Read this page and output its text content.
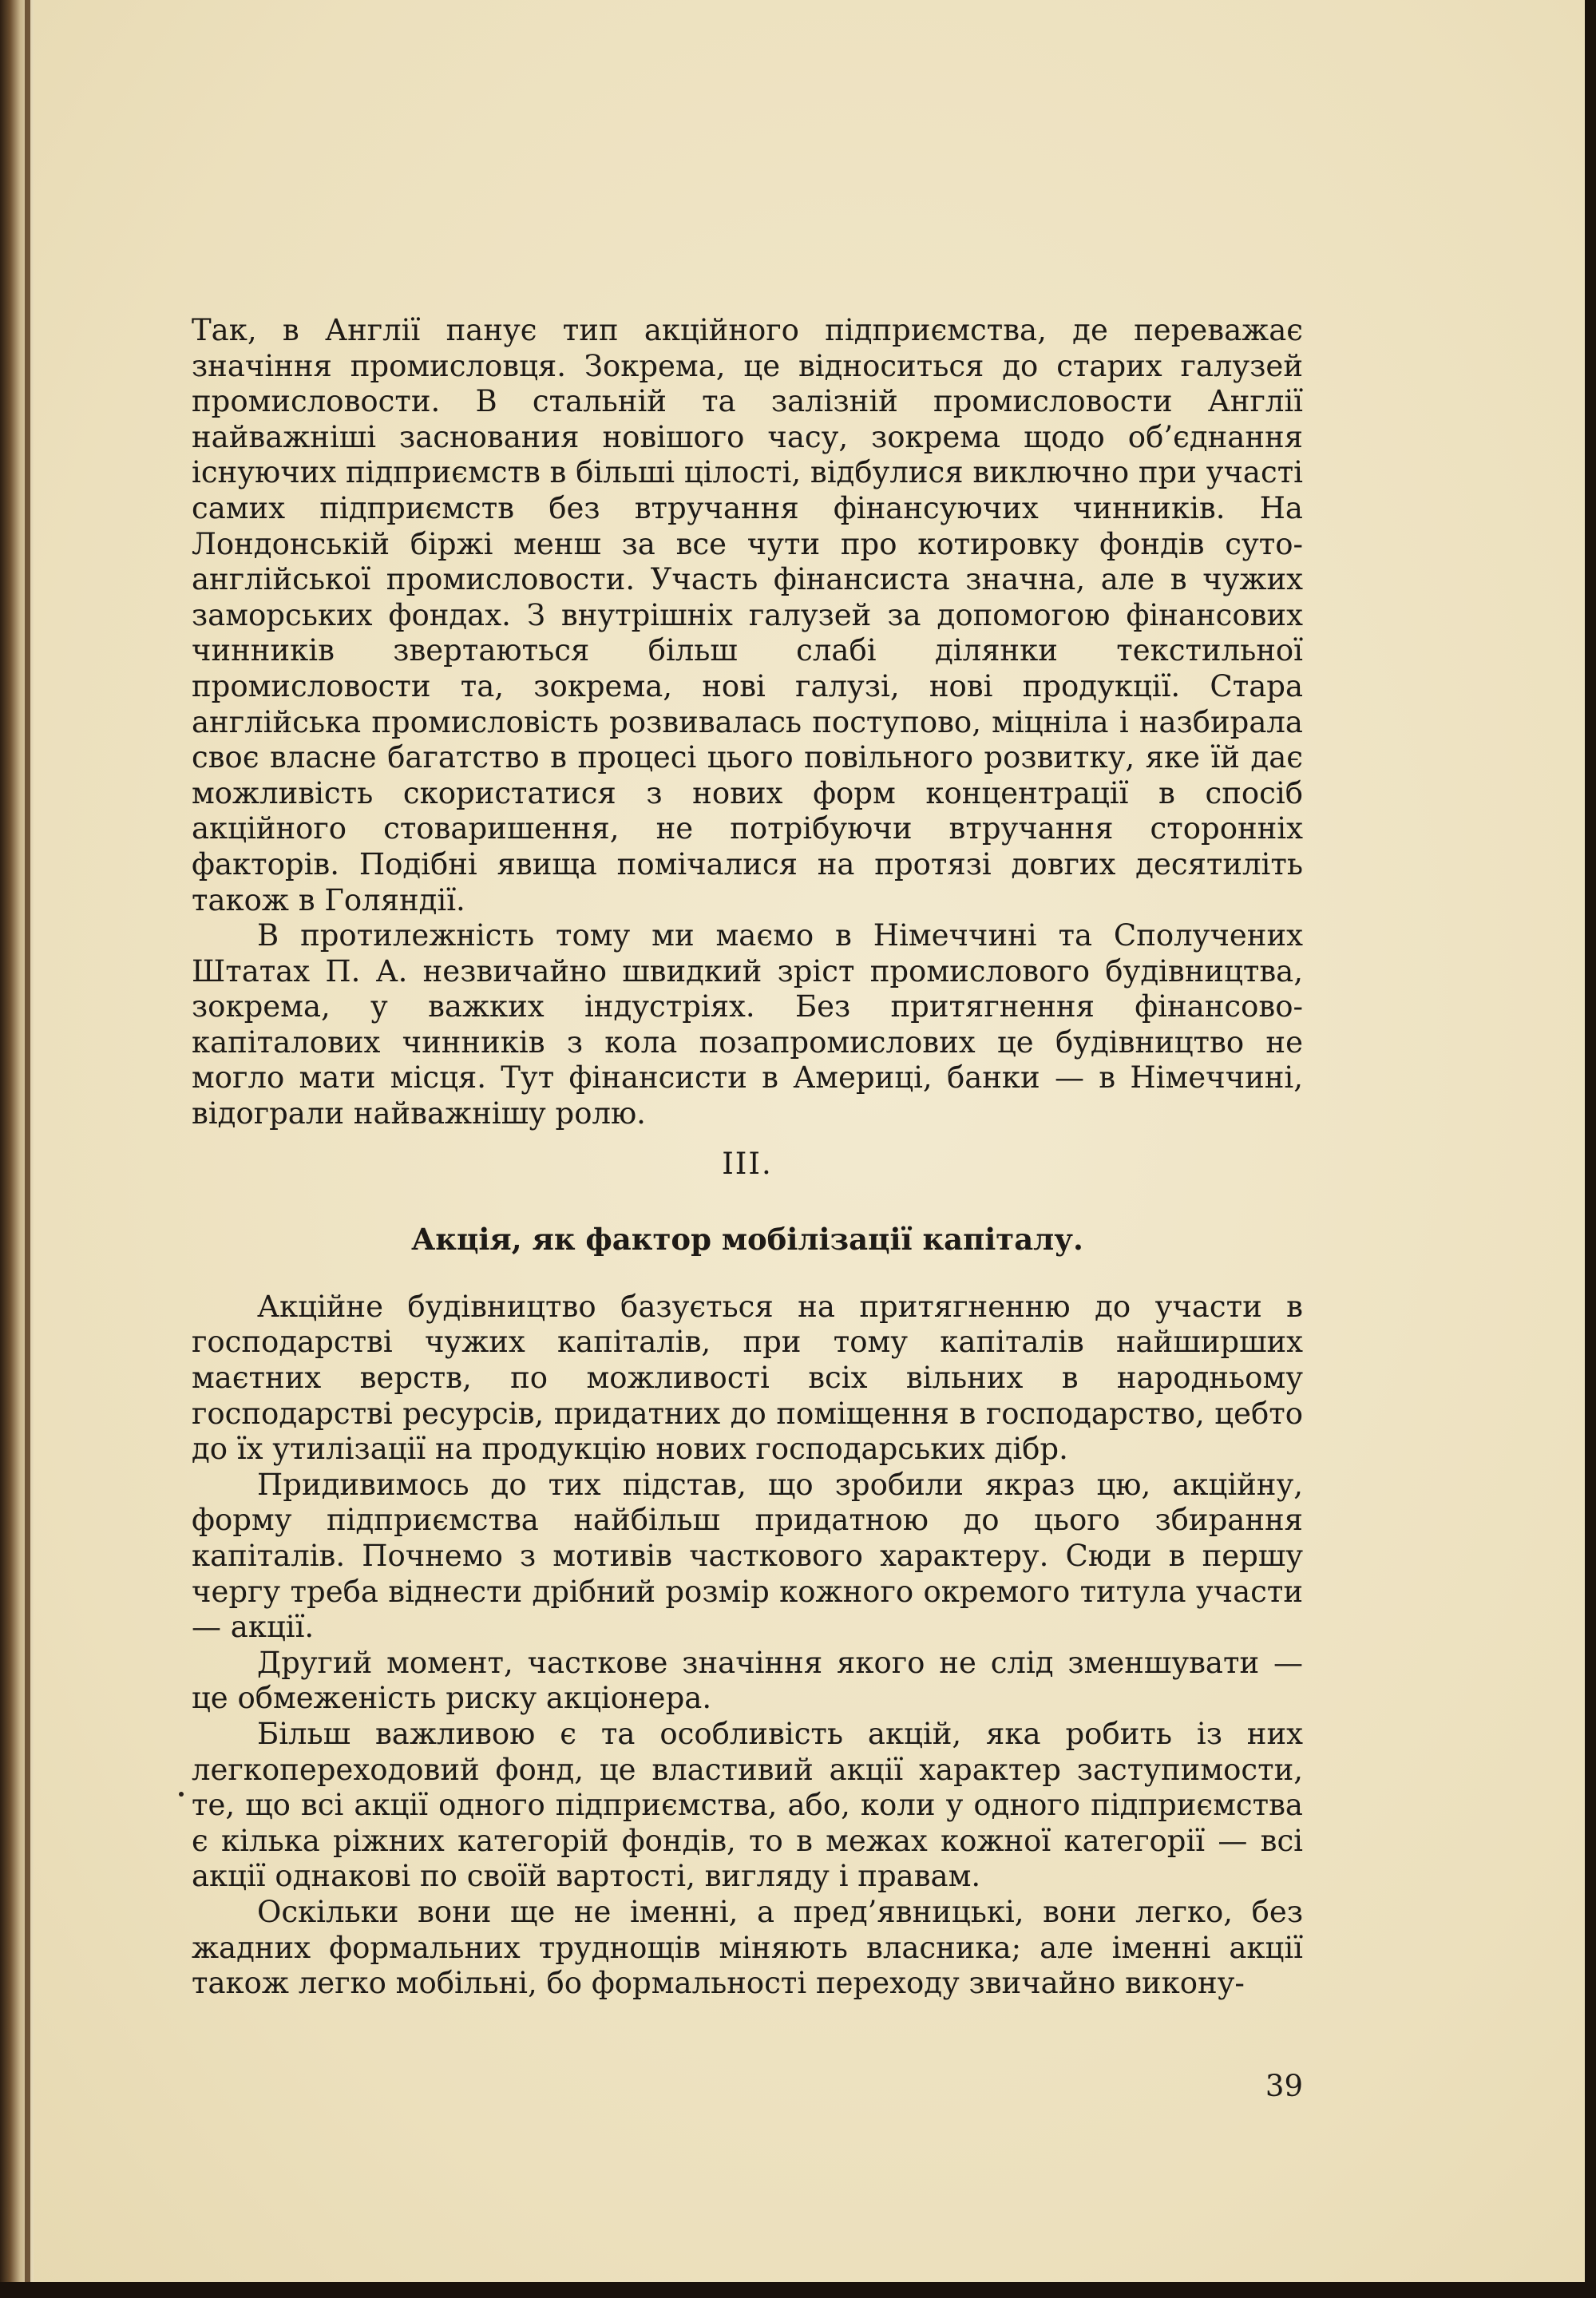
Так, в Англії панує тип акційного підприємства, де переважає значіння промисловця. Зокрема, це відноситься до старих галузей промисловости. В стальній та залізній промисловости Англії найважніші заснования новішого часу, зокрема щодо об’єднання існуючих підприємств в більші цілості, відбулися виключно при участі самих підприємств без втручання фінансуючих чинників. На Лондонській біржі менш за все чути про котировку фондів суто-англійської промисловости. Участь фінансиста значна, але в чужих заморських фондах. З внутрішніх галузей за допомогою фінансових чинників звертаються більш слабі ділянки текстильної промисловости та, зокрема, нові галузі, нові продукції. Стара англійська промисловість розвивалась поступово, міцніла і назбирала своє власне багатство в процесі цього повільного розвитку, яке їй дає можливість скористатися з нових форм концентрації в спосіб акційного стоваришення, не потрібуючи втручання сторонніх факторів. Подібні явища помічалися на протязі довгих десятиліть також в Голяндії.

В протилежність тому ми маємо в Німеччині та Сполучених Штатах П. А. незвичайно швидкий зріст промислового будівництва, зокрема, у важких індустріях. Без притягнення фінансово-капіталових чинників з кола позапромислових це будівництво не могло мати місця. Тут фінансисти в Америці, банки — в Німеччині, відограли найважнішу ролю.

III.

Акція, як фактор мобілізації капіталу.

Акційне будівництво базується на притягненню до участи в господарстві чужих капіталів, при тому капіталів найширших маєтних верств, по можливості всіх вільних в народньому господарстві ресурсів, придатних до поміщення в господарство, цебто до їх утилізації на продукцію нових господарських дібр.

Придивимось до тих підстав, що зробили якраз цю, акційну, форму підприємства найбільш придатною до цього збирання капіталів. Почнемо з мотивів часткового характеру. Сюди в першу чергу треба віднести дрібний розмір кожного окремого титула участи — акції.

Другий момент, часткове значіння якого не слід зменшувати — це обмеженість риску акціонера.

Більш важливою є та особливість акцій, яка робить із них легкопереходовий фонд, це властивий акції характер заступимости, те, що всі акції одного підприємства, або, коли у одного підприємства є кілька ріжних категорій фондів, то в межах кожної категорії — всі акції однакові по своїй вартості, вигляду і правам.

Оскільки вони ще не іменні, а пред’явницькі, вони легко, без жадних формальних труднощів міняють власника; але іменні акції також легко мобільні, бо формальності переходу звичайно викону-

39
